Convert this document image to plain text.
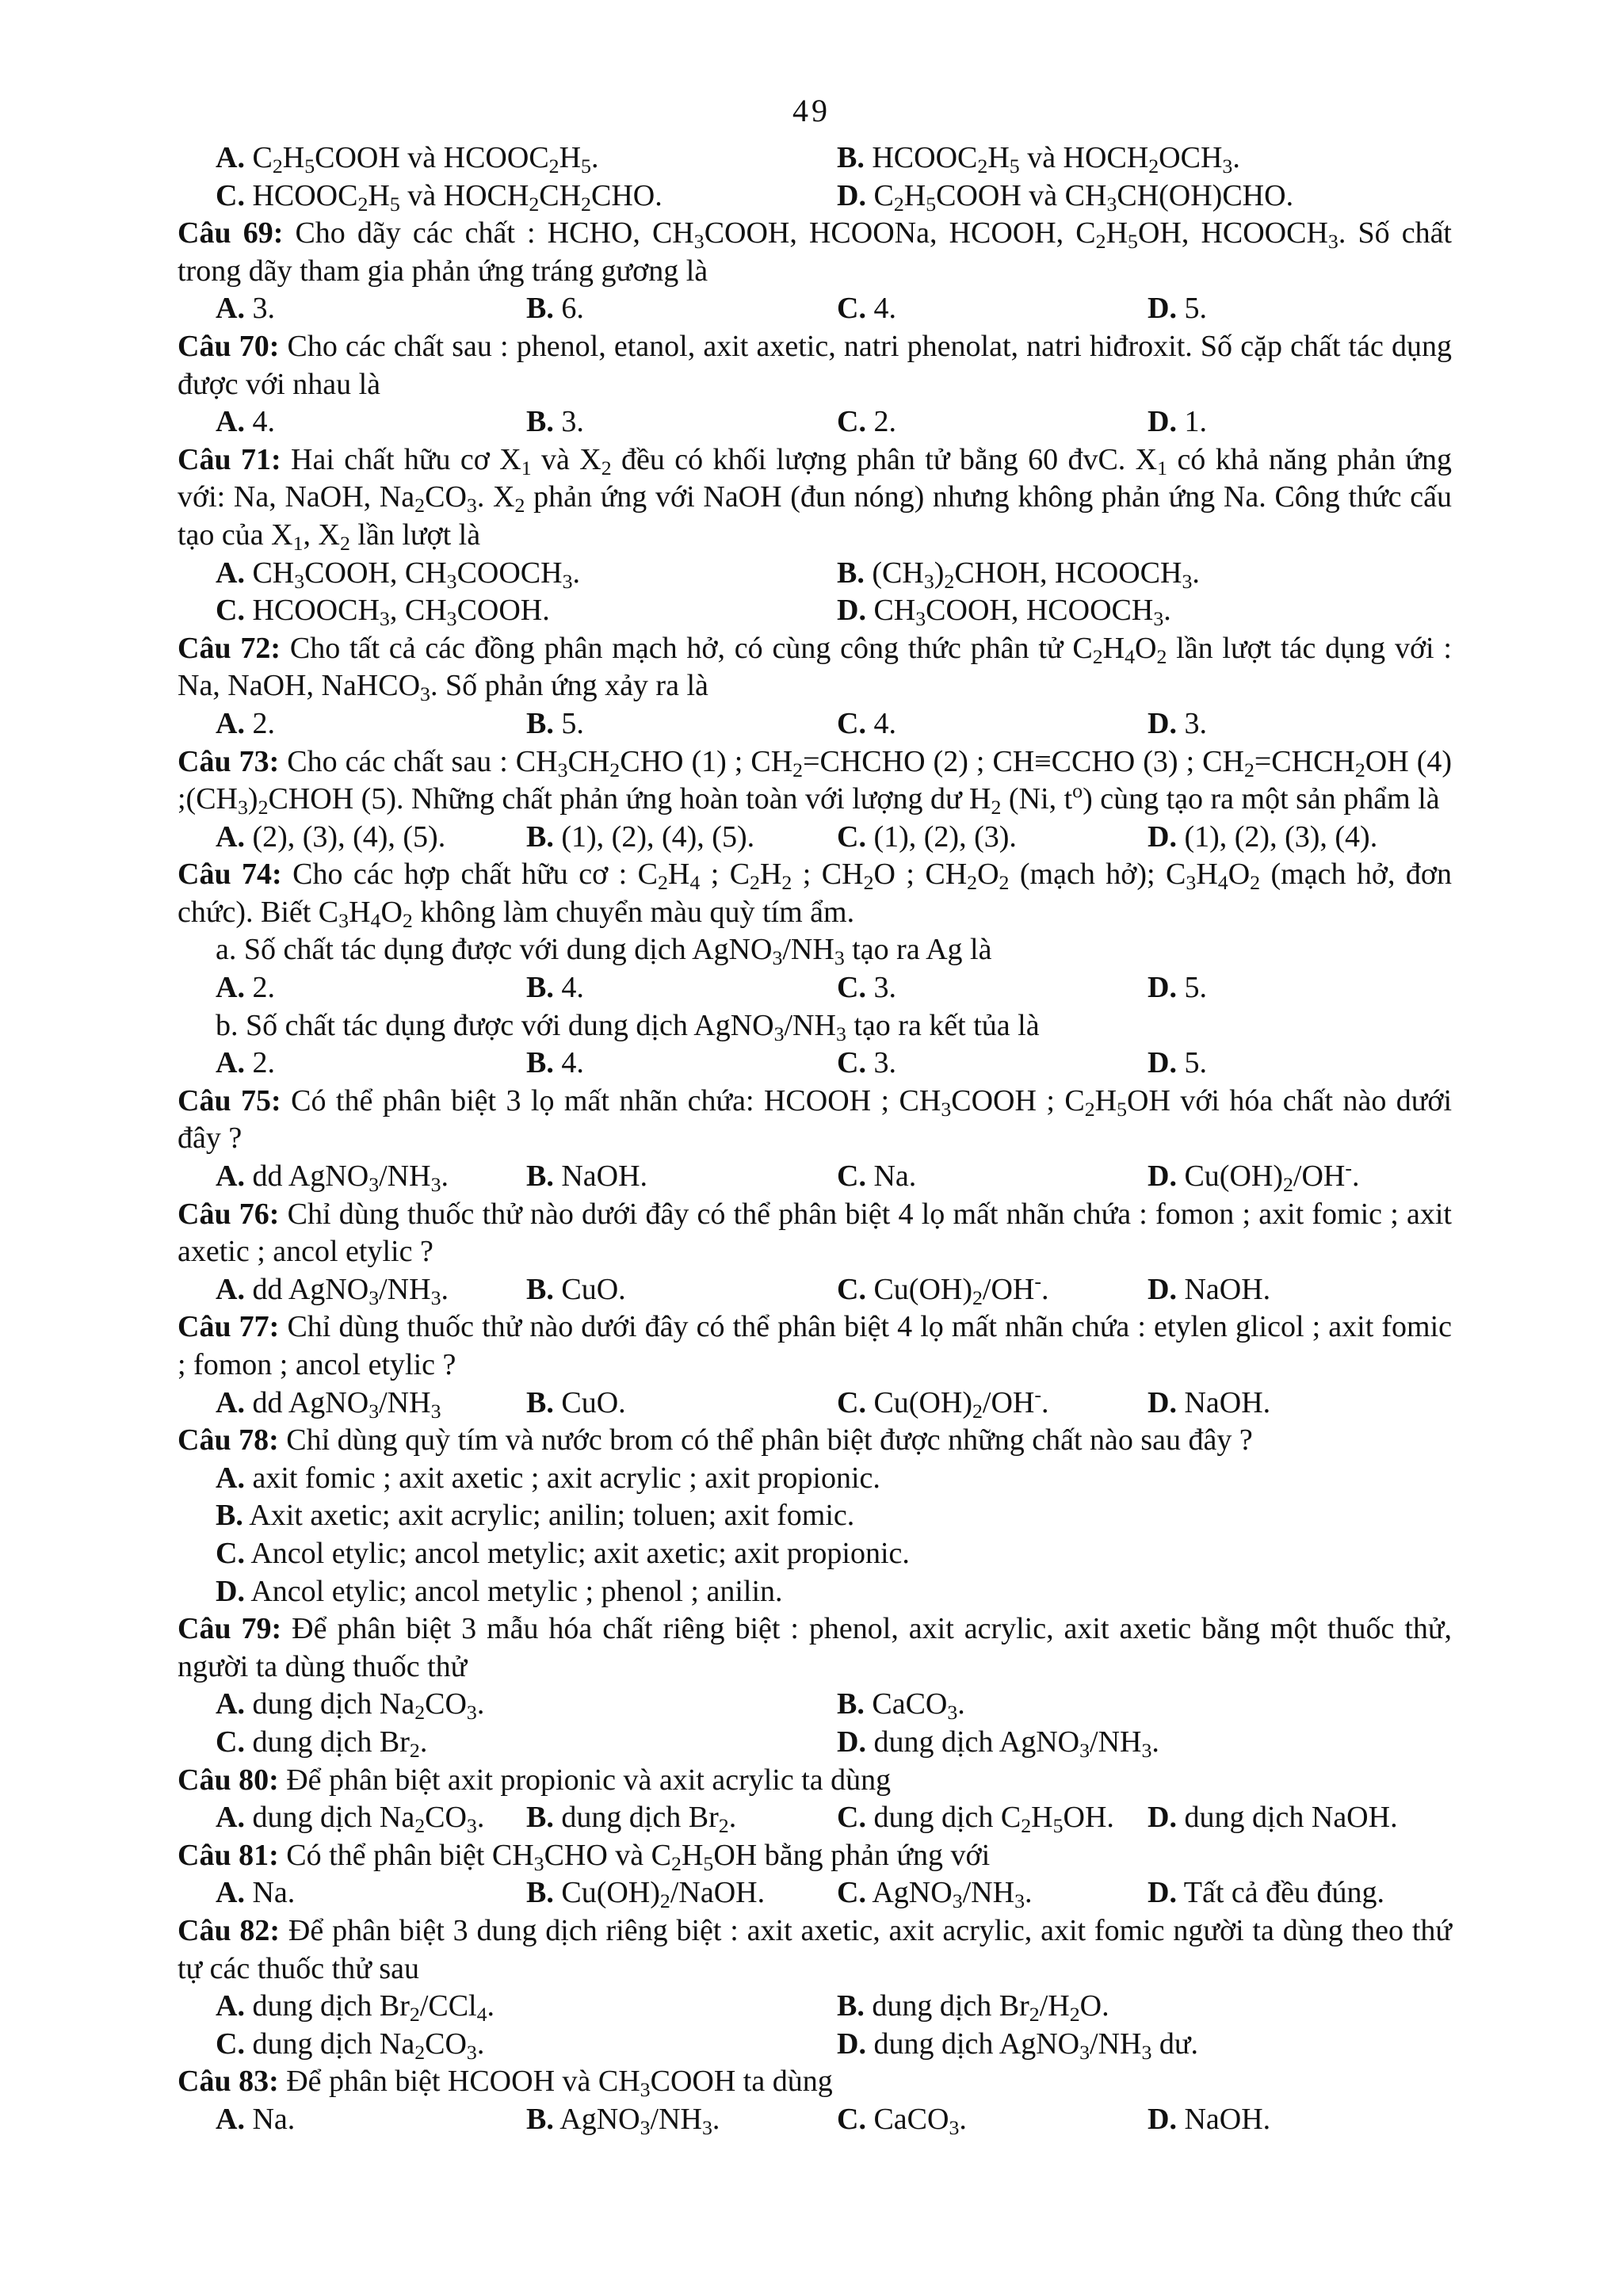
49
A. $C_2H_5COOH$ và $HCOOC_2H_5$.	B. $HCOOC_2H_5$ và $HOCH_2OCH_3$.
C. $HCOOC_2H_5$ và $HOCH_2CH_2CHO$.	D. $C_2H_5COOH$ và $CH_3CH(OH)CHO$.
Câu 69: Cho dãy các chất : HCHO, $CH_3COOH$, HCOONa, HCOOH, $C_2H_5OH$, $HCOOCH_3$. Số chất trong dãy tham gia phản ứng tráng gương là
A. 3.	B. 6.	C. 4.	D. 5.
Câu 70: Cho các chất sau : phenol, etanol, axit axetic, natri phenolat, natri hiđroxit. Số cặp chất tác dụng được với nhau là
A. 4.	B. 3.	C. 2.	D. 1.
Câu 71: Hai chất hữu cơ $X_1$ và $X_2$ đều có khối lượng phân tử bằng 60 đvC. $X_1$ có khả năng phản ứng với: Na, NaOH, $Na_2CO_3$. $X_2$ phản ứng với NaOH (đun nóng) nhưng không phản ứng Na. Công thức cấu tạo của $X_1$, $X_2$ lần lượt là
A. $CH_3COOH$, $CH_3COOCH_3$.	B. $(CH_3)_2CHOH$, $HCOOCH_3$.
C. $HCOOCH_3$, $CH_3COOH$.	D. $CH_3COOH$, $HCOOCH_3$.
Câu 72: Cho tất cả các đồng phân mạch hở, có cùng công thức phân tử $C_2H_4O_2$ lần lượt tác dụng với : Na, NaOH, NaHCO$_3$. Số phản ứng xảy ra là
A. 2.	B. 5.	C. 4.	D. 3.
Câu 73: Cho các chất sau : $CH_3CH_2CHO$ (1) ; $CH_2=CHCHO$ (2) ; CH≡CCHO (3) ; $CH_2=CHCH_2OH$ (4) $;(CH_3)_2CHOH$ (5). Những chất phản ứng hoàn toàn với lượng dư $H_2$ (Ni, $t^o$) cùng tạo ra một sản phẩm là
A. (2), (3), (4), (5).	B. (1), (2), (4), (5).	C. (1), (2), (3).	D. (1), (2), (3), (4).
Câu 74: Cho các hợp chất hữu cơ : $C_2H_4$ ; $C_2H_2$ ; $CH_2O$ ; $CH_2O_2$ (mạch hở); $C_3H_4O_2$ (mạch hở, đơn chức). Biết $C_3H_4O_2$ không làm chuyển màu quỳ tím ẩm.
a. Số chất tác dụng được với dung dịch $AgNO_3/NH_3$ tạo ra Ag là
A. 2.	B. 4.	C. 3.	D. 5.
b. Số chất tác dụng được với dung dịch $AgNO_3/NH_3$ tạo ra kết tủa là
A. 2.	B. 4.	C. 3.	D. 5.
Câu 75: Có thể phân biệt 3 lọ mất nhãn chứa: HCOOH ; $CH_3COOH$ ; $C_2H_5OH$ với hóa chất nào dưới đây ?
A. dd $AgNO_3/NH_3$.	B. NaOH.	C. Na.	D. $Cu(OH)_2/OH^-$.
Câu 76: Chỉ dùng thuốc thử nào dưới đây có thể phân biệt 4 lọ mất nhãn chứa : fomon ; axit fomic ; axit axetic ; ancol etylic ?
A. dd $AgNO_3/NH_3$.	B. CuO.	C. $Cu(OH)_2/OH^-$.	D. NaOH.
Câu 77: Chỉ dùng thuốc thử nào dưới đây có thể phân biệt 4 lọ mất nhãn chứa : etylen glicol ; axit fomic ; fomon ; ancol etylic ?
A. dd $AgNO_3/NH_3$	B. CuO.	C. $Cu(OH)_2/OH^-$.	D. NaOH.
Câu 78: Chỉ dùng quỳ tím và nước brom có thể phân biệt được những chất nào sau đây ?
A. axit fomic ; axit axetic ; axit acrylic ; axit propionic.
B. Axit axetic; axit acrylic; anilin; toluen; axit fomic.
C. Ancol etylic; ancol metylic; axit axetic; axit propionic.
D. Ancol etylic; ancol metylic ; phenol ; anilin.
Câu 79: Để phân biệt 3 mẫu hóa chất riêng biệt : phenol, axit acrylic, axit axetic bằng một thuốc thử, người ta dùng thuốc thử
A. dung dịch $Na_2CO_3$.	B. CaCO$_3$.
C. dung dịch $Br_2$.	D. dung dịch $AgNO_3/NH_3$.
Câu 80: Để phân biệt axit propionic và axit acrylic ta dùng
A. dung dịch $Na_2CO_3$. B. dung dịch $Br_2$.	C. dung dịch $C_2H_5OH$. D. dung dịch NaOH.
Câu 81: Có thể phân biệt $CH_3CHO$ và $C_2H_5OH$ bằng phản ứng với
A. Na.	B. $Cu(OH)_2$/NaOH. C. $AgNO_3/NH_3$.	D. Tất cả đều đúng.
Câu 82: Để phân biệt 3 dung dịch riêng biệt : axit axetic, axit acrylic, axit fomic người ta dùng theo thứ tự các thuốc thử sau
A. dung dịch $Br_2/CCl_4$.	B. dung dịch $Br_2/H_2O$.
C. dung dịch $Na_2CO_3$.	D. dung dịch $AgNO_3/NH_3$ dư.
Câu 83: Để phân biệt HCOOH và $CH_3COOH$ ta dùng
A. Na.	B. $AgNO_3/NH_3$.	C. CaCO$_3$.	D. NaOH.
